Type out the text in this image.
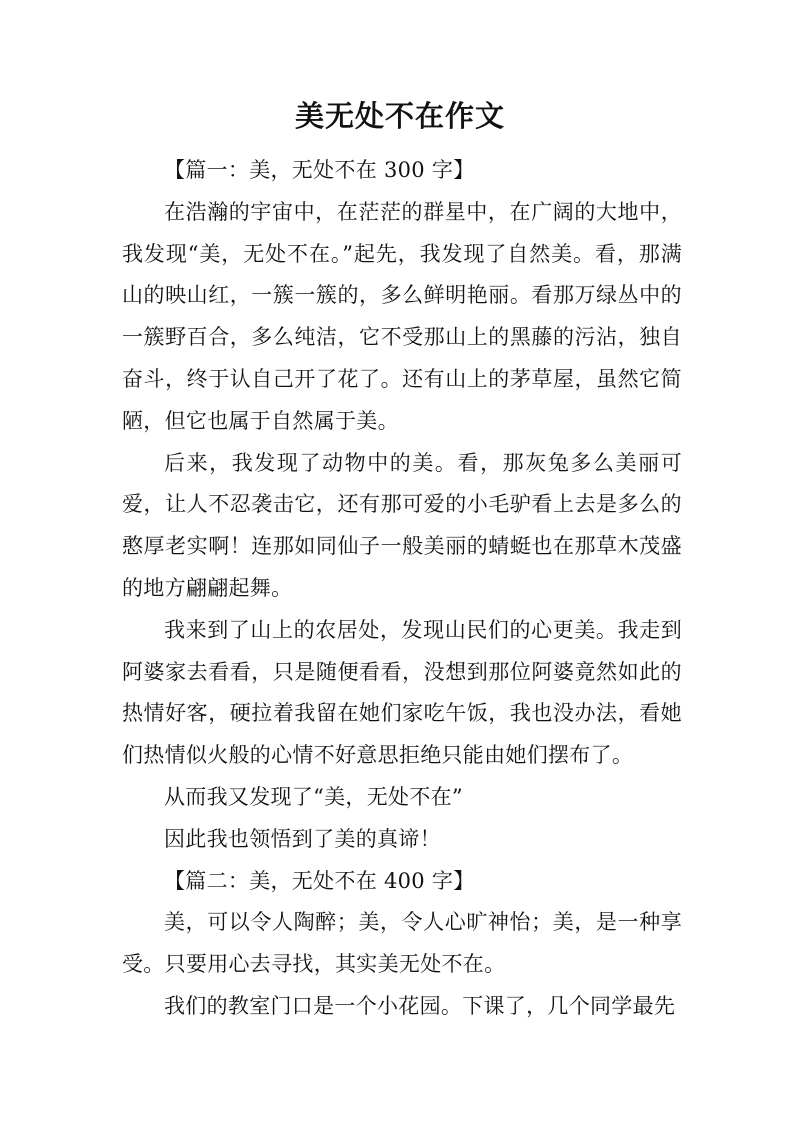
美无处不在作文

【篇一：美，无处不在 300 字】

在浩瀚的宇宙中，在茫茫的群星中，在广阔的大地中，我发现“美，无处不在。”起先，我发现了自然美。看，那满山的映山红，一簇一簇的，多么鲜明艳丽。看那万绿丛中的一簇野百合，多么纯洁，它不受那山上的黑藤的污沾，独自奋斗，终于认自己开了花了。还有山上的茅草屋，虽然它简陋，但它也属于自然属于美。

后来，我发现了动物中的美。看，那灰兔多么美丽可爱，让人不忍袭击它，还有那可爱的小毛驴看上去是多么的憨厚老实啊！连那如同仙子一般美丽的蜻蜓也在那草木茂盛的地方翩翩起舞。

我来到了山上的农居处，发现山民们的心更美。我走到阿婆家去看看，只是随便看看，没想到那位阿婆竟然如此的热情好客，硬拉着我留在她们家吃午饭，我也没办法，看她们热情似火般的心情不好意思拒绝只能由她们摆布了。

从而我又发现了“美，无处不在”

因此我也领悟到了美的真谛！

【篇二：美，无处不在 400 字】

美，可以令人陶醉；美，令人心旷神怡；美，是一种享受。只要用心去寻找，其实美无处不在。

我们的教室门口是一个小花园。下课了，几个同学最先
